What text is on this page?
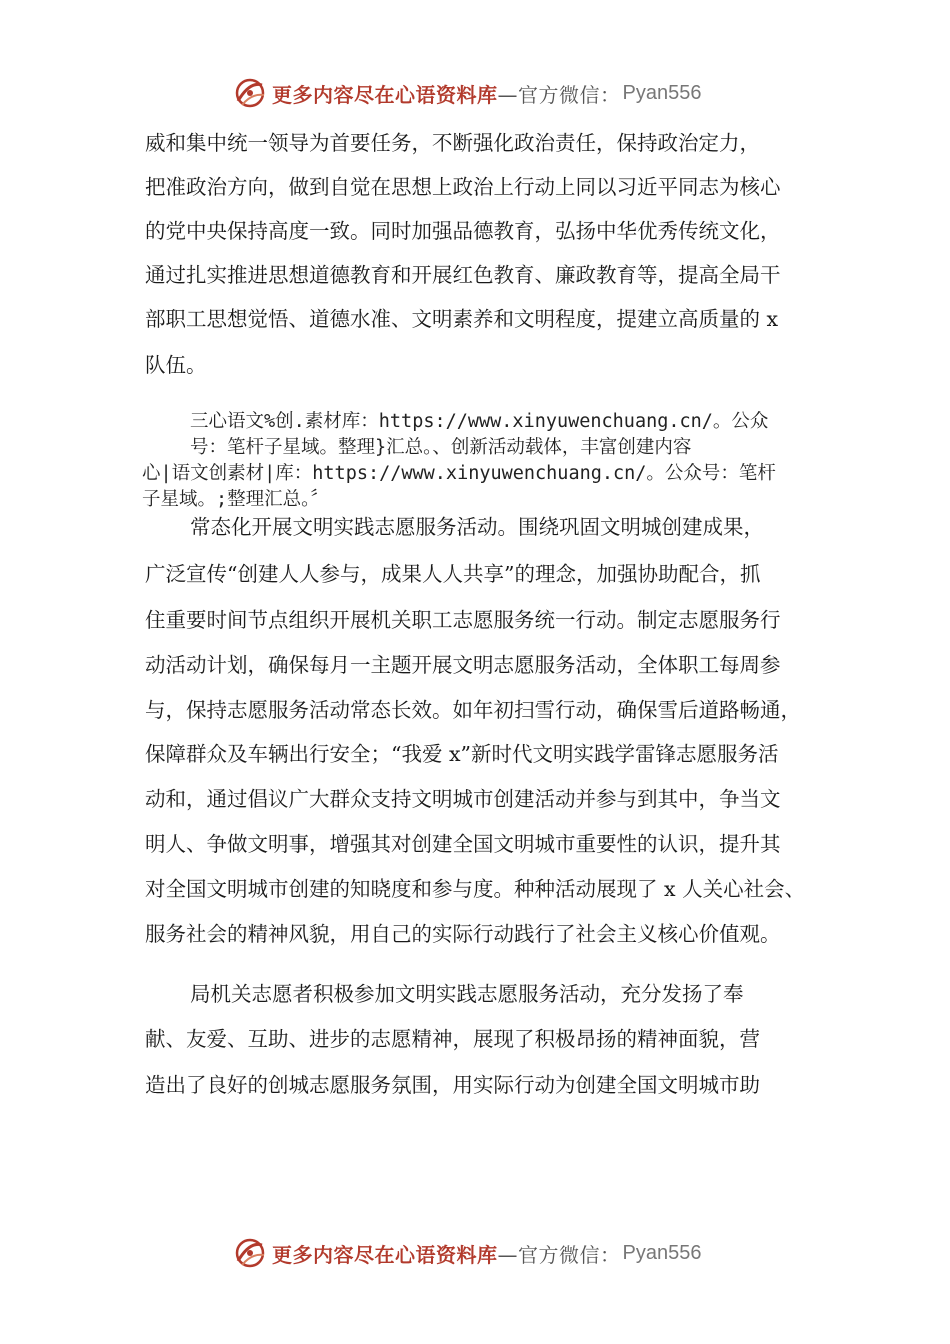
更多内容尽在心语资料库 —官方微信： Pyan556
威和集中统一领导为首要任务，不断强化政治责任，保持政治定力，
把准政治方向，做到自觉在思想上政治上行动上同以习近平同志为核心
的党中央保持高度一致。同时加强品德教育，弘扬中华优秀传统文化，
通过扎实推进思想道德教育和开展红色教育、廉政教育等，提高全局干
部职工思想觉悟、道德水准、文明素养和文明程度，提建立高质量的 x
队伍。
三心语文%创.素材库：https://www.xinyuwenchuang.cn/。公众
号：笔杆子星域。整理}汇总。、创新活动载体，丰富创建内容
心|语文创素材|库：https://www.xinyuwenchuang.cn/。公众号：笔杆
子星域。;整理汇总。〞
常态化开展文明实践志愿服务活动。围绕巩固文明城创建成果，
广泛宣传“创建人人参与，成果人人共享”的理念，加强协助配合，抓
住重要时间节点组织开展机关职工志愿服务统一行动。制定志愿服务行
动活动计划，确保每月一主题开展文明志愿服务活动，全体职工每周参
与，保持志愿服务活动常态长效。如年初扫雪行动，确保雪后道路畅通，
保障群众及车辆出行安全；“我爱 x”新时代文明实践学雷锋志愿服务活
动和，通过倡议广大群众支持文明城市创建活动并参与到其中，争当文
明人、争做文明事，增强其对创建全国文明城市重要性的认识，提升其
对全国文明城市创建的知晓度和参与度。种种活动展现了 x 人关心社会、
服务社会的精神风貌，用自己的实际行动践行了社会主义核心价值观。
局机关志愿者积极参加文明实践志愿服务活动，充分发扬了奉
献、友爱、互助、进步的志愿精神，展现了积极昂扬的精神面貌，营
造出了良好的创城志愿服务氛围，用实际行动为创建全国文明城市助
更多内容尽在心语资料库 —官方微信： Pyan556
